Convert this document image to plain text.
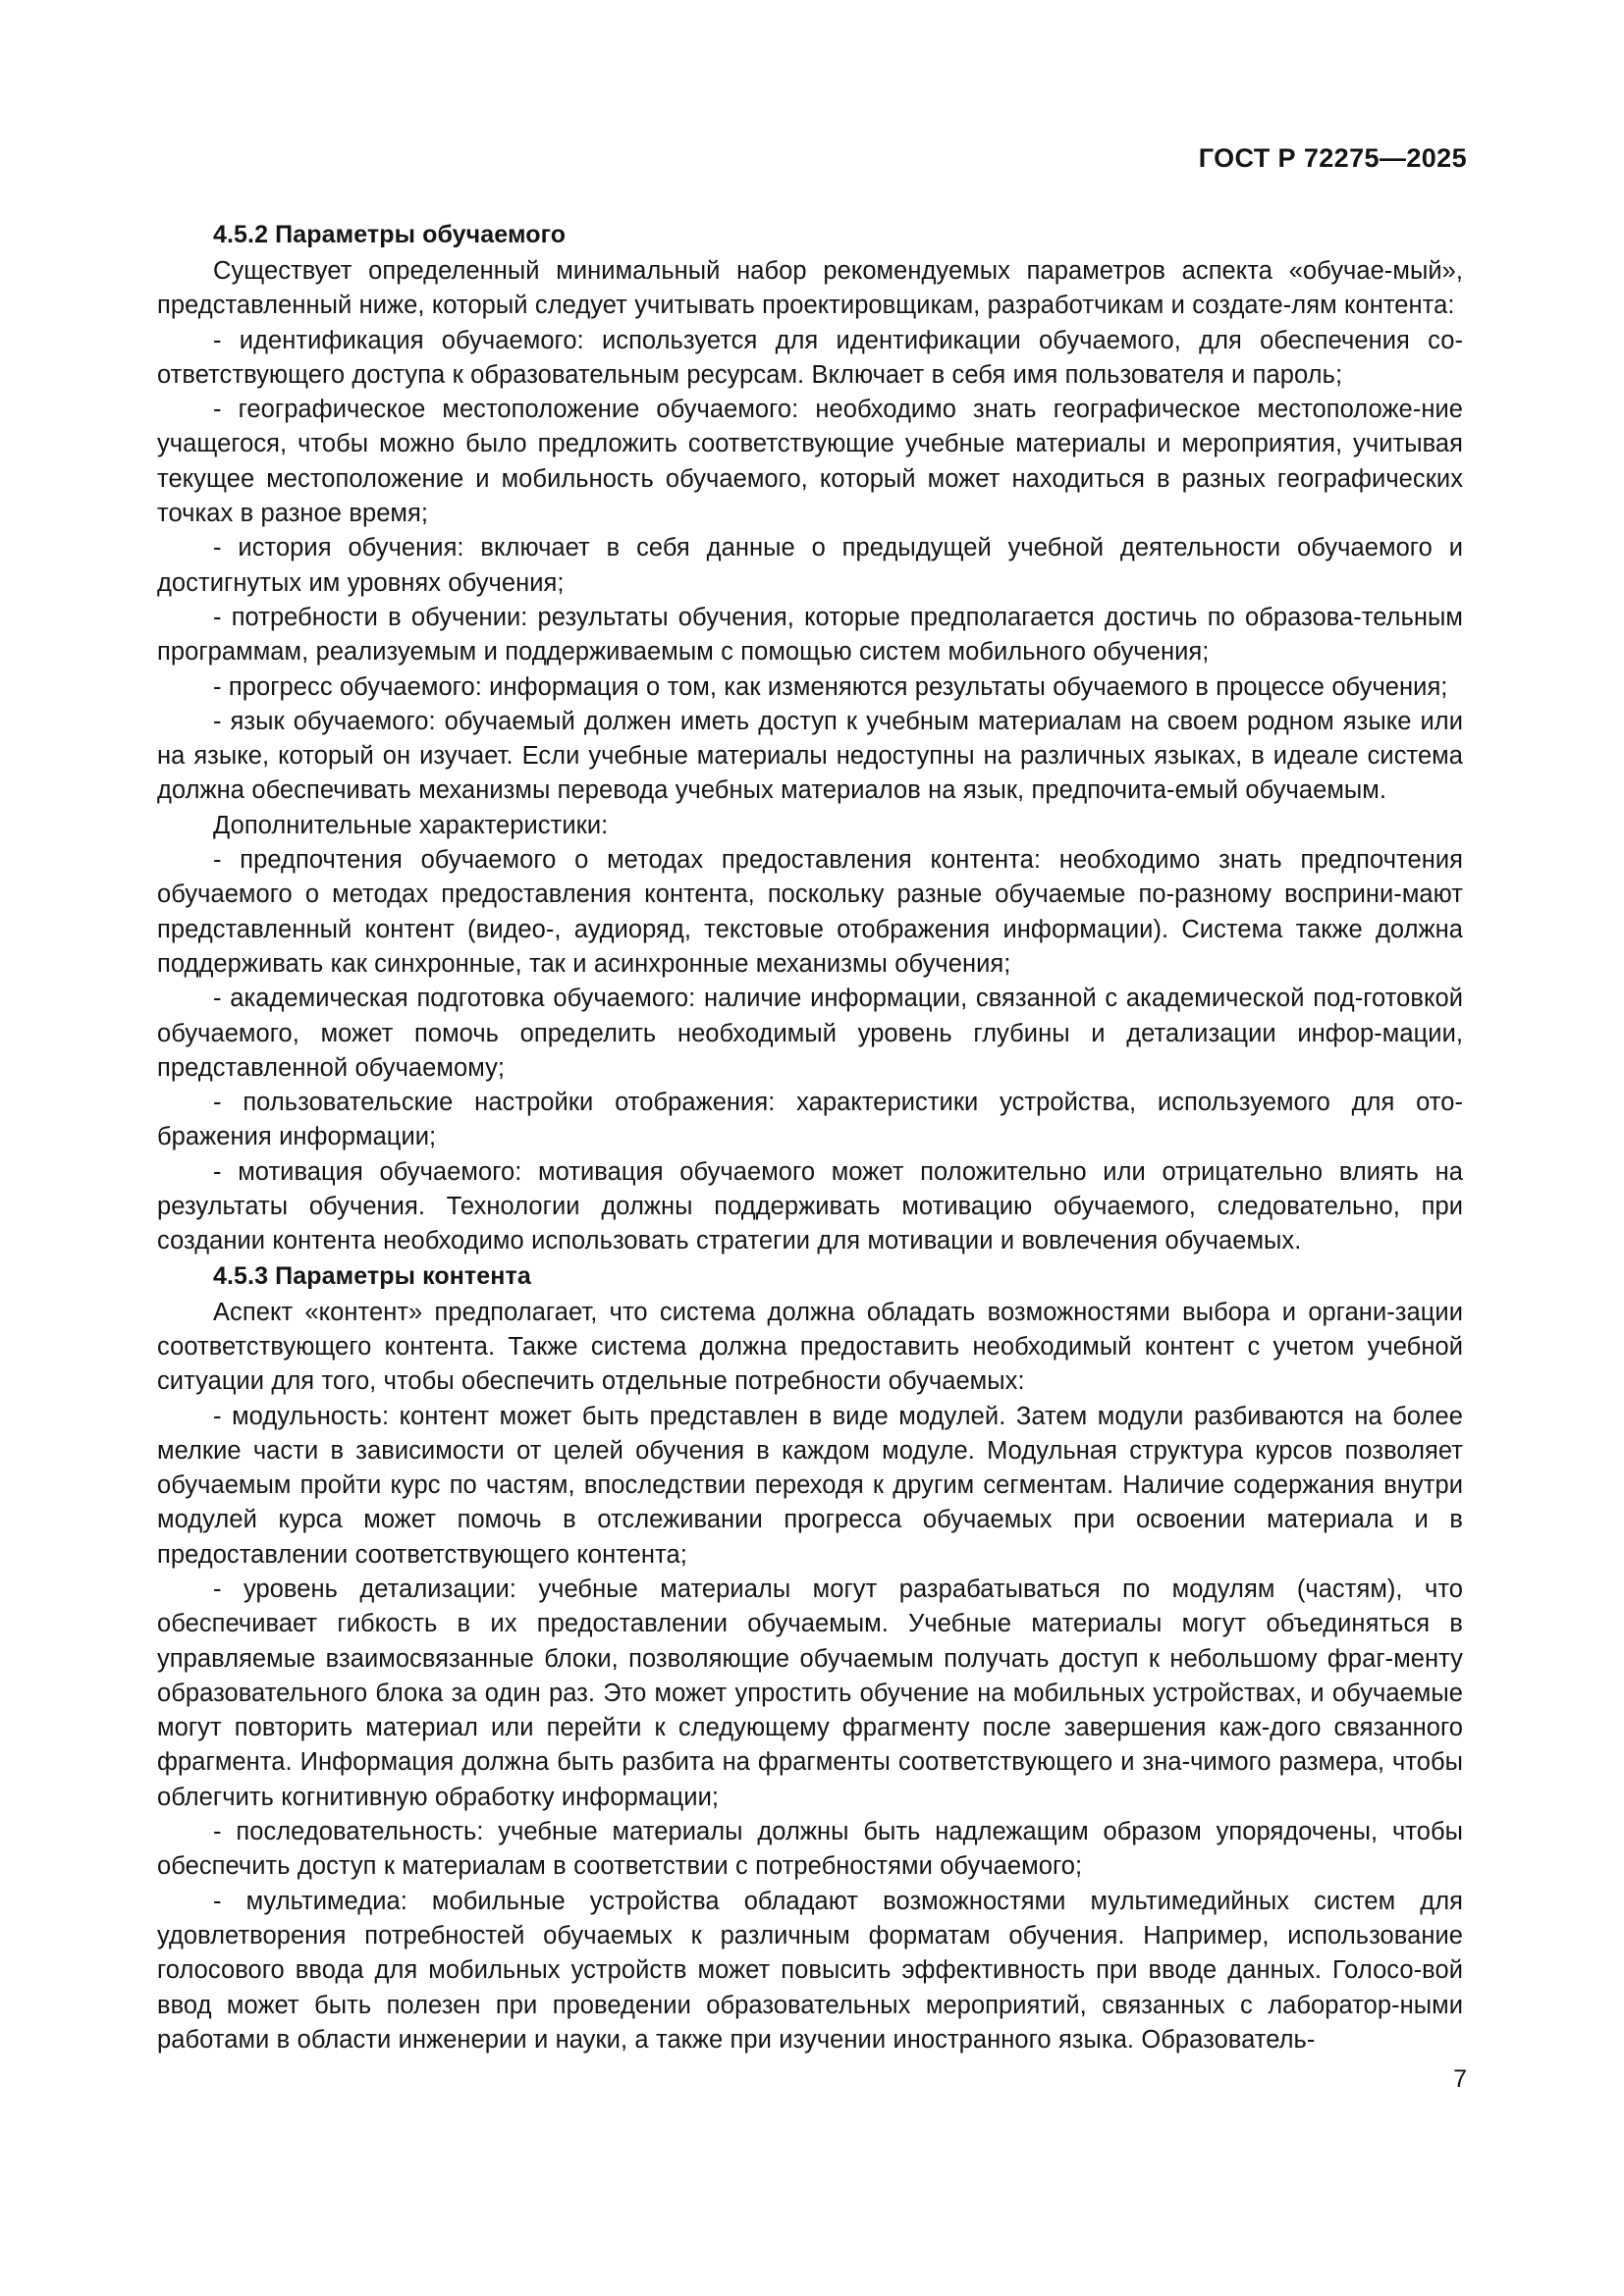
ГОСТ Р 72275—2025
4.5.2 Параметры обучаемого

Существует определенный минимальный набор рекомендуемых параметров аспекта «обучае-мый», представленный ниже, который следует учитывать проектировщикам, разработчикам и создате-лям контента:

- идентификация обучаемого: используется для идентификации обучаемого, для обеспечения со-ответствующего доступа к образовательным ресурсам. Включает в себя имя пользователя и пароль;

- географическое местоположение обучаемого: необходимо знать географическое местоположе-ние учащегося, чтобы можно было предложить соответствующие учебные материалы и мероприятия, учитывая текущее местоположение и мобильность обучаемого, который может находиться в разных географических точках в разное время;

- история обучения: включает в себя данные о предыдущей учебной деятельности обучаемого и достигнутых им уровнях обучения;

- потребности в обучении: результаты обучения, которые предполагается достичь по образова-тельным программам, реализуемым и поддерживаемым с помощью систем мобильного обучения;

- прогресс обучаемого: информация о том, как изменяются результаты обучаемого в процессе обучения;

- язык обучаемого: обучаемый должен иметь доступ к учебным материалам на своем родном языке или на языке, который он изучает. Если учебные материалы недоступны на различных языках, в идеале система должна обеспечивать механизмы перевода учебных материалов на язык, предпочита-емый обучаемым.

Дополнительные характеристики:

- предпочтения обучаемого о методах предоставления контента: необходимо знать предпочтения обучаемого о методах предоставления контента, поскольку разные обучаемые по-разному восприни-мают представленный контент (видео-, аудиоряд, текстовые отображения информации). Система также должна поддерживать как синхронные, так и асинхронные механизмы обучения;

- академическая подготовка обучаемого: наличие информации, связанной с академической под-готовкой обучаемого, может помочь определить необходимый уровень глубины и детализации инфор-мации, представленной обучаемому;

- пользовательские настройки отображения: характеристики устройства, используемого для ото-бражения информации;

- мотивация обучаемого: мотивация обучаемого может положительно или отрицательно влиять на результаты обучения. Технологии должны поддерживать мотивацию обучаемого, следовательно, при создании контента необходимо использовать стратегии для мотивации и вовлечения обучаемых.

4.5.3 Параметры контента

Аспект «контент» предполагает, что система должна обладать возможностями выбора и органи-зации соответствующего контента. Также система должна предоставить необходимый контент с учетом учебной ситуации для того, чтобы обеспечить отдельные потребности обучаемых:

- модульность: контент может быть представлен в виде модулей. Затем модули разбиваются на более мелкие части в зависимости от целей обучения в каждом модуле. Модульная структура курсов позволяет обучаемым пройти курс по частям, впоследствии переходя к другим сегментам. Наличие содержания внутри модулей курса может помочь в отслеживании прогресса обучаемых при освоении материала и в предоставлении соответствующего контента;

- уровень детализации: учебные материалы могут разрабатываться по модулям (частям), что обеспечивает гибкость в их предоставлении обучаемым. Учебные материалы могут объединяться в управляемые взаимосвязанные блоки, позволяющие обучаемым получать доступ к небольшому фраг-менту образовательного блока за один раз. Это может упростить обучение на мобильных устройствах, и обучаемые могут повторить материал или перейти к следующему фрагменту после завершения каж-дого связанного фрагмента. Информация должна быть разбита на фрагменты соответствующего и зна-чимого размера, чтобы облегчить когнитивную обработку информации;

- последовательность: учебные материалы должны быть надлежащим образом упорядочены, чтобы обеспечить доступ к материалам в соответствии с потребностями обучаемого;

- мультимедиа: мобильные устройства обладают возможностями мультимедийных систем для удовлетворения потребностей обучаемых к различным форматам обучения. Например, использование голосового ввода для мобильных устройств может повысить эффективность при вводе данных. Голосо-вой ввод может быть полезен при проведении образовательных мероприятий, связанных с лаборатор-ными работами в области инженерии и науки, а также при изучении иностранного языка. Образователь-

7
